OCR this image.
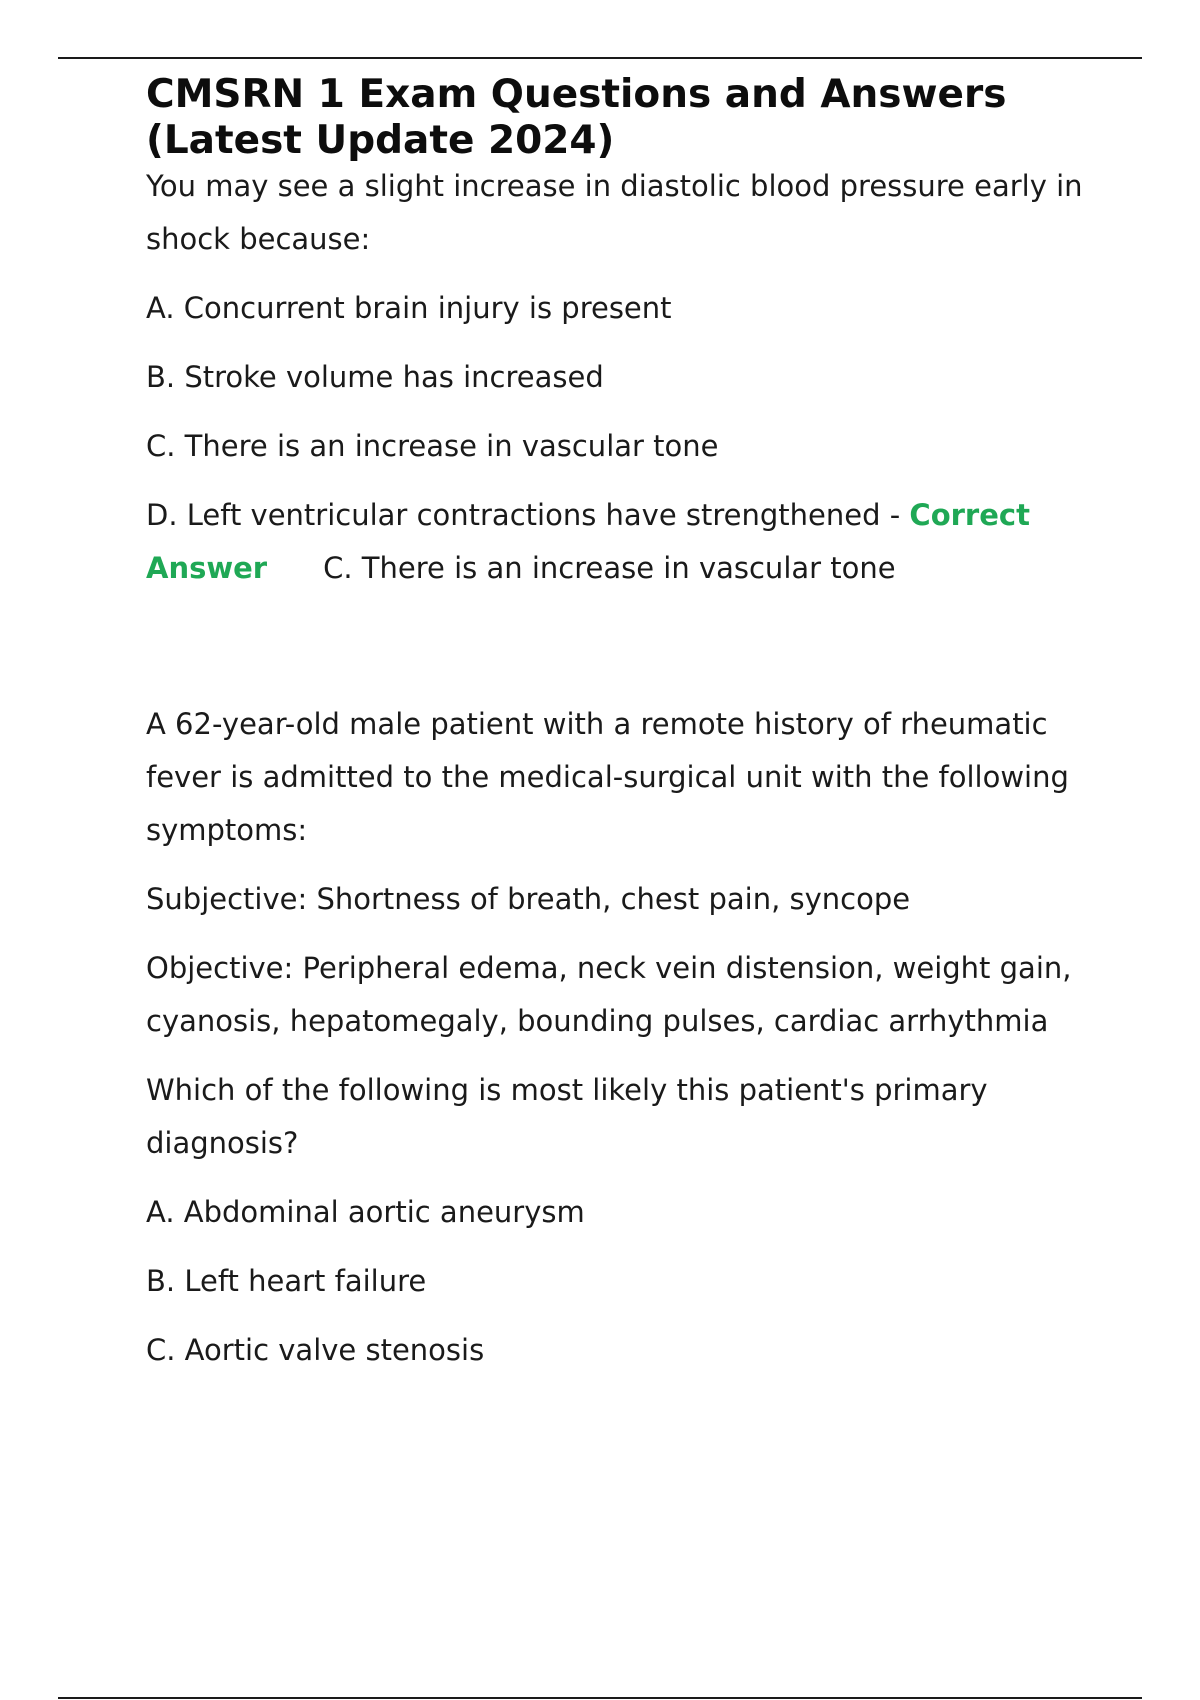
CMSRN 1 Exam Questions and Answers (Latest Update 2024)

You may see a slight increase in diastolic blood pressure early in shock because:

A. Concurrent brain injury is present

B. Stroke volume has increased

C. There is an increase in vascular tone

D. Left ventricular contractions have strengthened - Correct Answer C. There is an increase in vascular tone

A 62-year-old male patient with a remote history of rheumatic fever is admitted to the medical-surgical unit with the following symptoms:

Subjective: Shortness of breath, chest pain, syncope

Objective: Peripheral edema, neck vein distension, weight gain, cyanosis, hepatomegaly, bounding pulses, cardiac arrhythmia

Which of the following is most likely this patient's primary diagnosis?

A. Abdominal aortic aneurysm

B. Left heart failure

C. Aortic valve stenosis
